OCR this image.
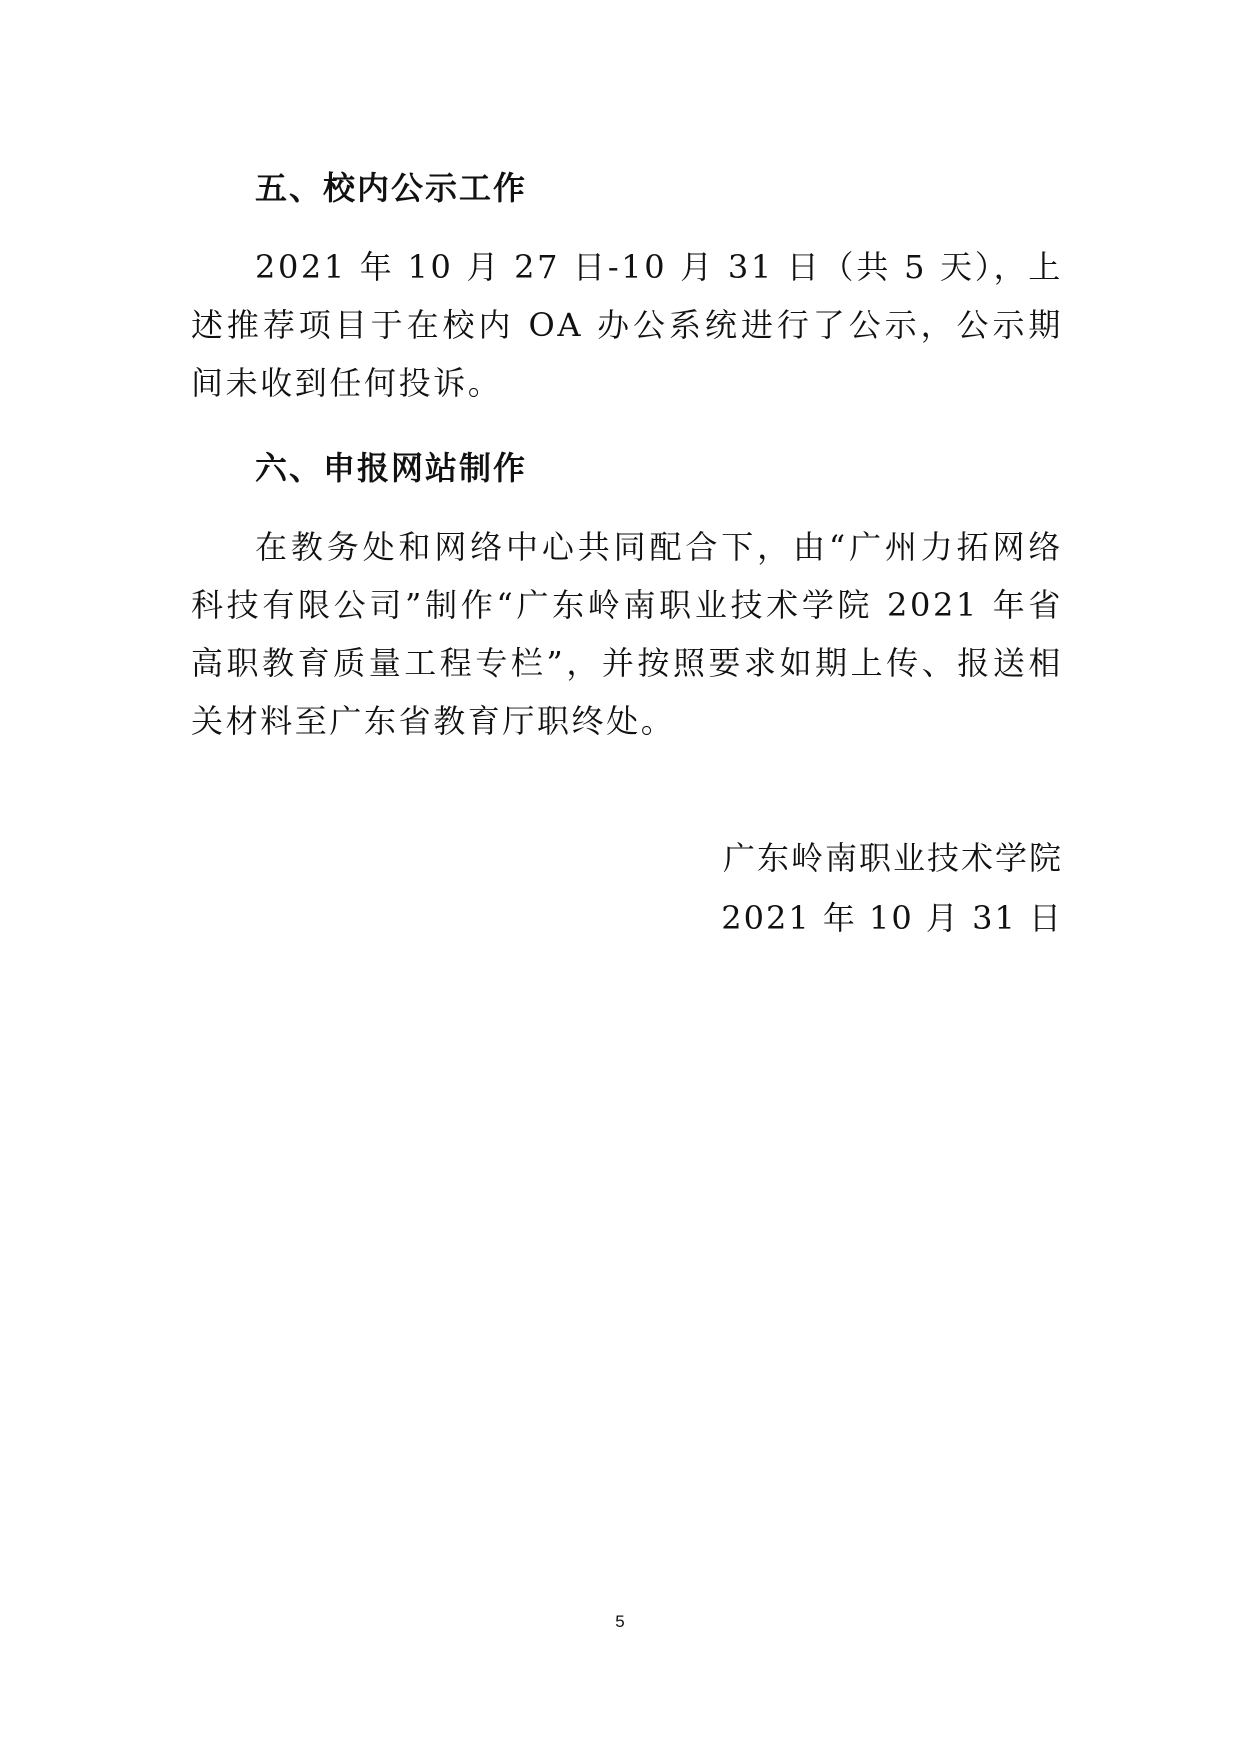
五、校内公示工作

2021 年 10 月 27 日-10 月 31 日（共 5 天），上述推荐项目于在校内 OA 办公系统进行了公示，公示期间未收到任何投诉。

六、申报网站制作

在教务处和网络中心共同配合下，由“广州力拓网络科技有限公司”制作“广东岭南职业技术学院 2021 年省高职教育质量工程专栏”，并按照要求如期上传、报送相关材料至广东省教育厅职终处。

广东岭南职业技术学院

2021 年 10 月 31 日

5
